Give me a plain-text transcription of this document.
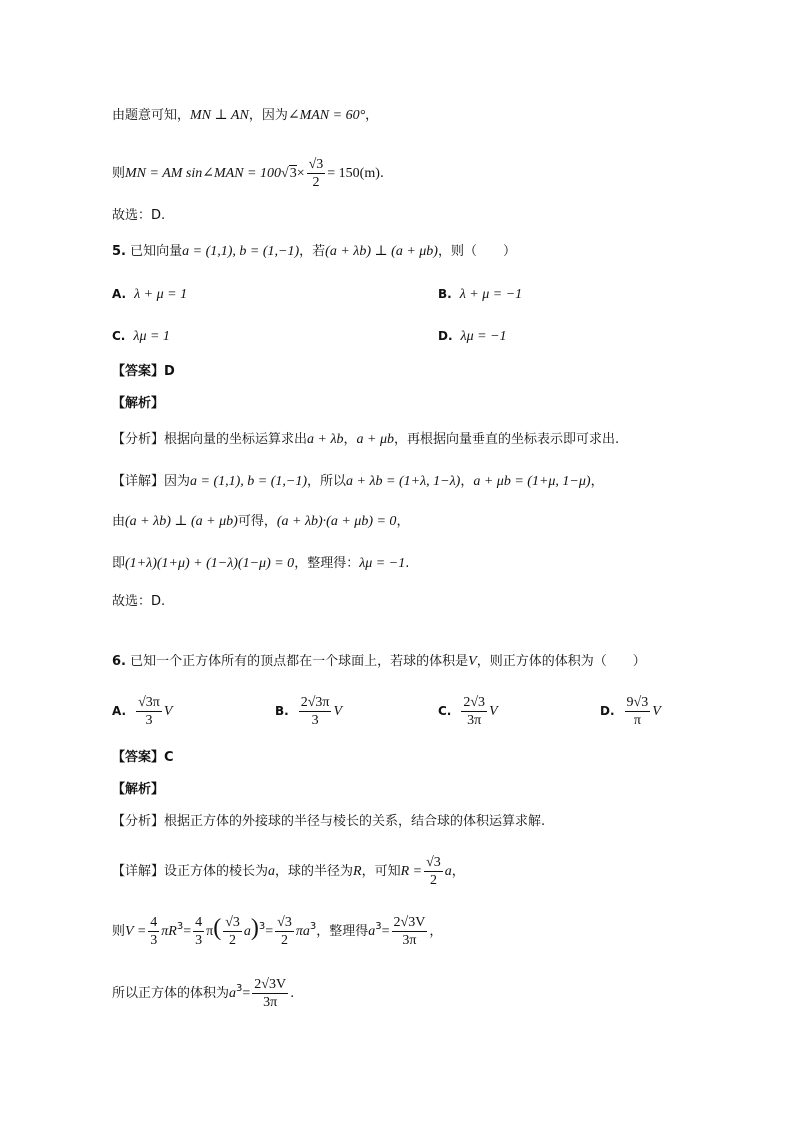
由题意可知，MN ⊥ AN，因为∠MAN = 60°，
则MN = AM sin∠MAN = $100√3\times \frac{√3}{2} = 150(m)$.
故选：D.
5. 已知向量a = (1,1), b = (1,−1)，若(a + λb) ⊥ (a + μb)，则（　　）
A. λ + μ = 1	B. λ + μ = −1
C. λμ = 1	D. λμ = −1
【答案】D
【解析】
【分析】根据向量的坐标运算求出a + λb，a + μb，再根据向量垂直的坐标表示即可求出.
【详解】因为a = (1,1), b = (1,−1)，所以a + λb = (1+λ, 1−λ)，a + μb = (1+μ, 1−μ)，
由(a + λb) ⊥ (a + μb)可得，(a + λb)·(a + μb) = 0，
即(1+λ)(1+μ) + (1−λ)(1−μ) = 0，整理得：λμ = −1.
故选：D.
6. 已知一个正方体所有的顶点都在一个球面上，若球的体积是V，则正方体的体积为（　　）
A. $\frac{√3\pi}{3}$ V	B. $\frac{2√3\pi}{3}$ V	C. $\frac{2√3}{3\pi}$ V	D. $\frac{9√3}{\pi}$ V
【答案】C
【解析】
【分析】根据正方体的外接球的半径与棱长的关系，结合球的体积运算求解.
【详解】设正方体的棱长为a，球的半径为R，可知$R = \frac{√3}{2}$ a，
则$V = \frac{4}{3} \pi R^3= \frac{4}{3} \pi( \frac{√3}{2} a)^3= \frac{√3}{2} \pi a^3$，整理得$a^3= \frac{2√3V}{3\pi}$ ，
所以正方体的体积为$a^3= \frac{2√3V}{3\pi}$ .
